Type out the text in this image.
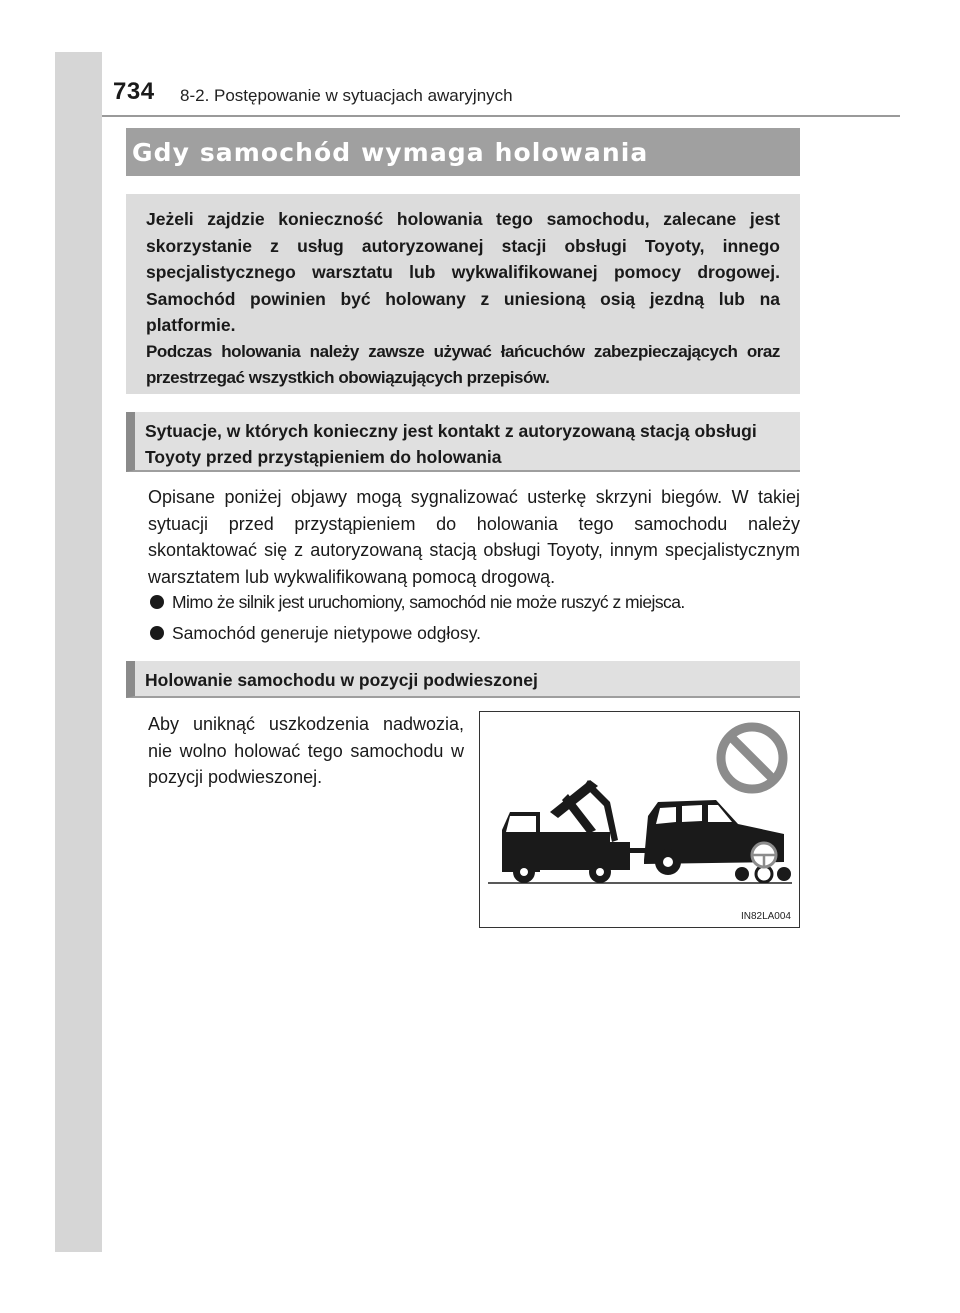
734 8-2. Postępowanie w sytuacjach awaryjnych
Gdy samochód wymaga holowania
Jeżeli zajdzie konieczność holowania tego samochodu, zalecane jest skorzystanie z usług autoryzowanej stacji obsługi Toyoty, innego specjalistycznego warsztatu lub wykwalifikowanej pomocy drogowej. Samochód powinien być holowany z uniesioną osią jezdną lub na platformie.
Podczas holowania należy zawsze używać łańcuchów zabezpieczających oraz przestrzegać wszystkich obowiązujących przepisów.
Sytuacje, w których konieczny jest kontakt z autoryzowaną stacją obsługi Toyoty przed przystąpieniem do holowania
Opisane poniżej objawy mogą sygnalizować usterkę skrzyni biegów. W takiej sytuacji przed przystąpieniem do holowania tego samochodu należy skontaktować się z autoryzowaną stacją obsługi Toyoty, innym specjalistycznym warsztatem lub wykwalifikowaną pomocą drogową.
Mimo że silnik jest uruchomiony, samochód nie może ruszyć z miejsca.
Samochód generuje nietypowe odgłosy.
Holowanie samochodu w pozycji podwieszonej
Aby uniknąć uszkodzenia nadwozia, nie wolno holować tego samochodu w pozycji podwieszonej.
IN82LA004
